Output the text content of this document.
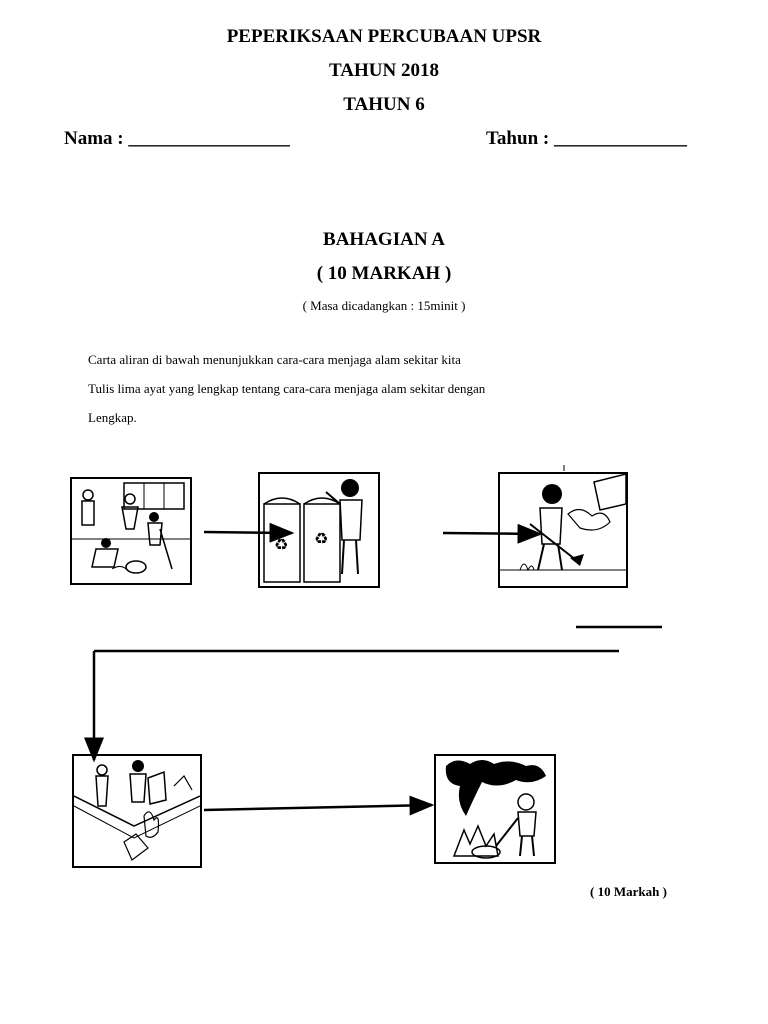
PEPERIKSAAN PERCUBAAN UPSR
TAHUN 2018
TAHUN 6
Nama : _________________	Tahun : ______________
BAHAGIAN A
( 10 MARKAH )
( Masa dicadangkan : 15minit )
Carta aliran di bawah menunjukkan cara-cara menjaga alam sekitar kita
Tulis lima ayat yang lengkap tentang cara-cara menjaga alam sekitar dengan
Lengkap.
♻ ♻
( 10 Markah )
